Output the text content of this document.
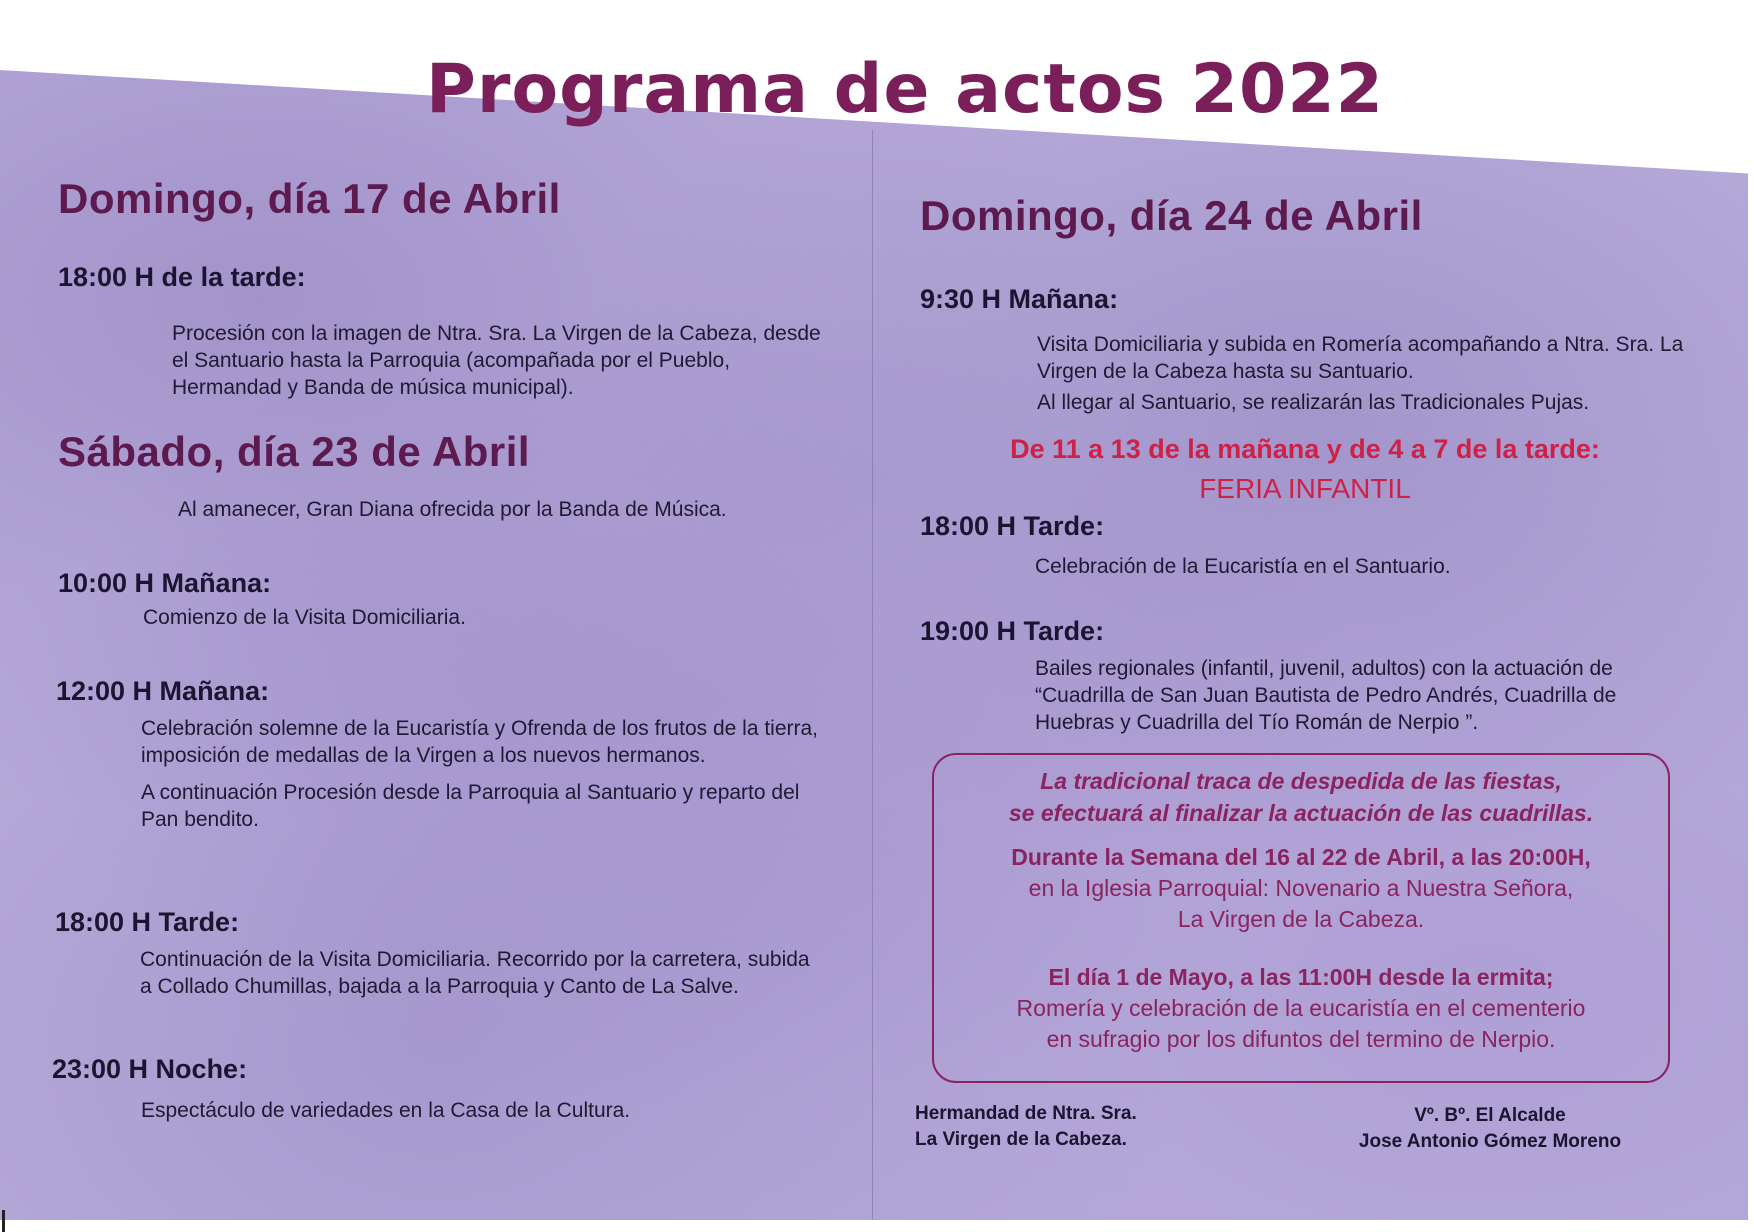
Programa de actos 2022
Domingo, día 17 de Abril
18:00 H de la tarde:

Procesión con la imagen de Ntra. Sra. La Virgen de la Cabeza, desde el Santuario hasta la Parroquia (acompañada por el Pueblo, Hermandad y Banda de música municipal).

Sábado, día 23 de Abril
Al amanecer, Gran Diana ofrecida por la Banda de Música.
10:00 H Mañana:

Comienzo de la Visita Domiciliaria.

12:00 H Mañana:

Celebración solemne de la Eucaristía y Ofrenda de los frutos de la tierra, imposición de medallas de la Virgen a los nuevos hermanos.

A continuación Procesión desde la Parroquia al Santuario y reparto del Pan bendito.

18:00 H Tarde:

Continuación de la Visita Domiciliaria. Recorrido por la carretera, subida a Collado Chumillas, bajada a la Parroquia y Canto de La Salve.

23:00 H Noche:

Espectáculo de variedades en la Casa de la Cultura.

Domingo, día 24 de Abril
9:30 H Mañana:

Visita Domiciliaria y subida en Romería acompañando a Ntra. Sra. La Virgen de la Cabeza hasta su Santuario.

Al llegar al Santuario, se realizarán las Tradicionales Pujas.

De 11 a 13 de la mañana y de 4 a 7 de la tarde:
FERIA INFANTIL
18:00 H Tarde:

Celebración de la Eucaristía en el Santuario.

19:00 H Tarde:

Bailes regionales (infantil, juvenil, adultos) con la actuación de “Cuadrilla de San Juan Bautista de Pedro Andrés, Cuadrilla de Huebras y Cuadrilla del Tío Román de Nerpio ”.

La tradicional traca de despedida de las fiestas,

se efectuará al finalizar la actuación de las cuadrillas.

Durante la Semana del 16 al 22 de Abril, a las 20:00H,

en la Iglesia Parroquial: Novenario a Nuestra Señora,

La Virgen de la Cabeza.

El día 1 de Mayo, a las 11:00H desde la ermita;

Romería y celebración de la eucaristía en el cementerio

en sufragio por los difuntos del termino de Nerpio.

Hermandad de Ntra. Sra.
La Virgen de la Cabeza.
Vº. Bº. El Alcalde
Jose Antonio Gómez Moreno
